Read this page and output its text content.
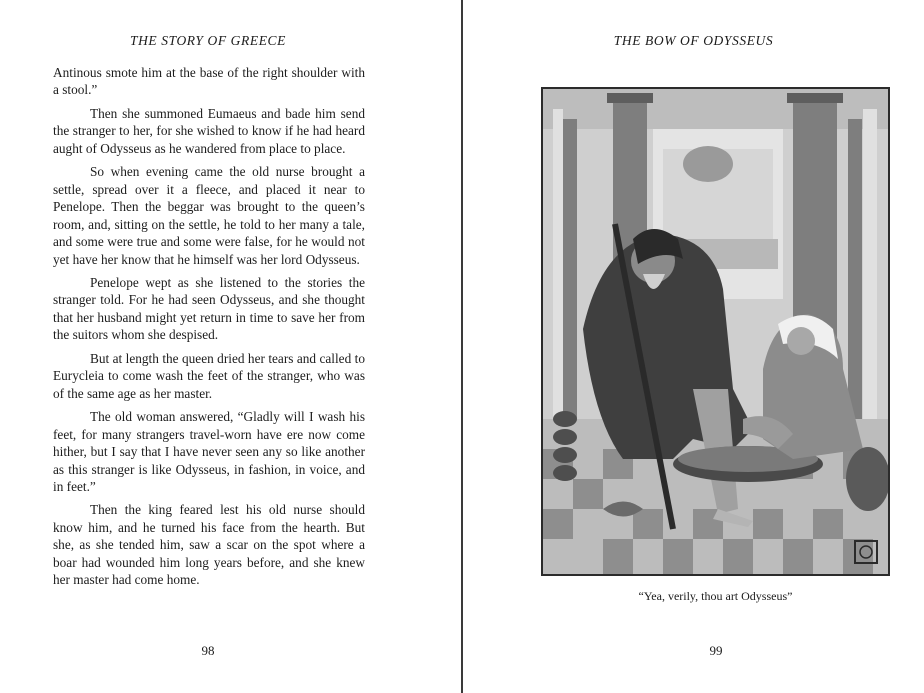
THE STORY OF GREECE

Antinous smote him at the base of the right shoulder with a stool.”

Then she summoned Eumaeus and bade him send the stranger to her, for she wished to know if he had heard aught of Odysseus as he wandered from place to place.

So when evening came the old nurse brought a settle, spread over it a fleece, and placed it near to Penelope. Then the beggar was brought to the queen’s room, and, sitting on the settle, he told to her many a tale, and some were true and some were false, for he would not yet have her know that he himself was her lord Odysseus.

Penelope wept as she listened to the stories the stranger told. For he had seen Odysseus, and she thought that her husband might yet return in time to save her from the suitors whom she despised.

But at length the queen dried her tears and called to Eurycleia to come wash the feet of the stranger, who was of the same age as her master.

The old woman answered, “Gladly will I wash his feet, for many strangers travel-worn have ere now come hither, but I say that I have never seen any so like another as this stranger is like Odysseus, in fashion, in voice, and in feet.”

Then the king feared lest his old nurse should know him, and he turned his face from the hearth. But she, as she tended him, saw a scar on the spot where a boar had wounded him long years before, and she knew her master had come home.

98
THE BOW OF ODYSSEUS
“Yea, verily, thou art Odysseus”
99
